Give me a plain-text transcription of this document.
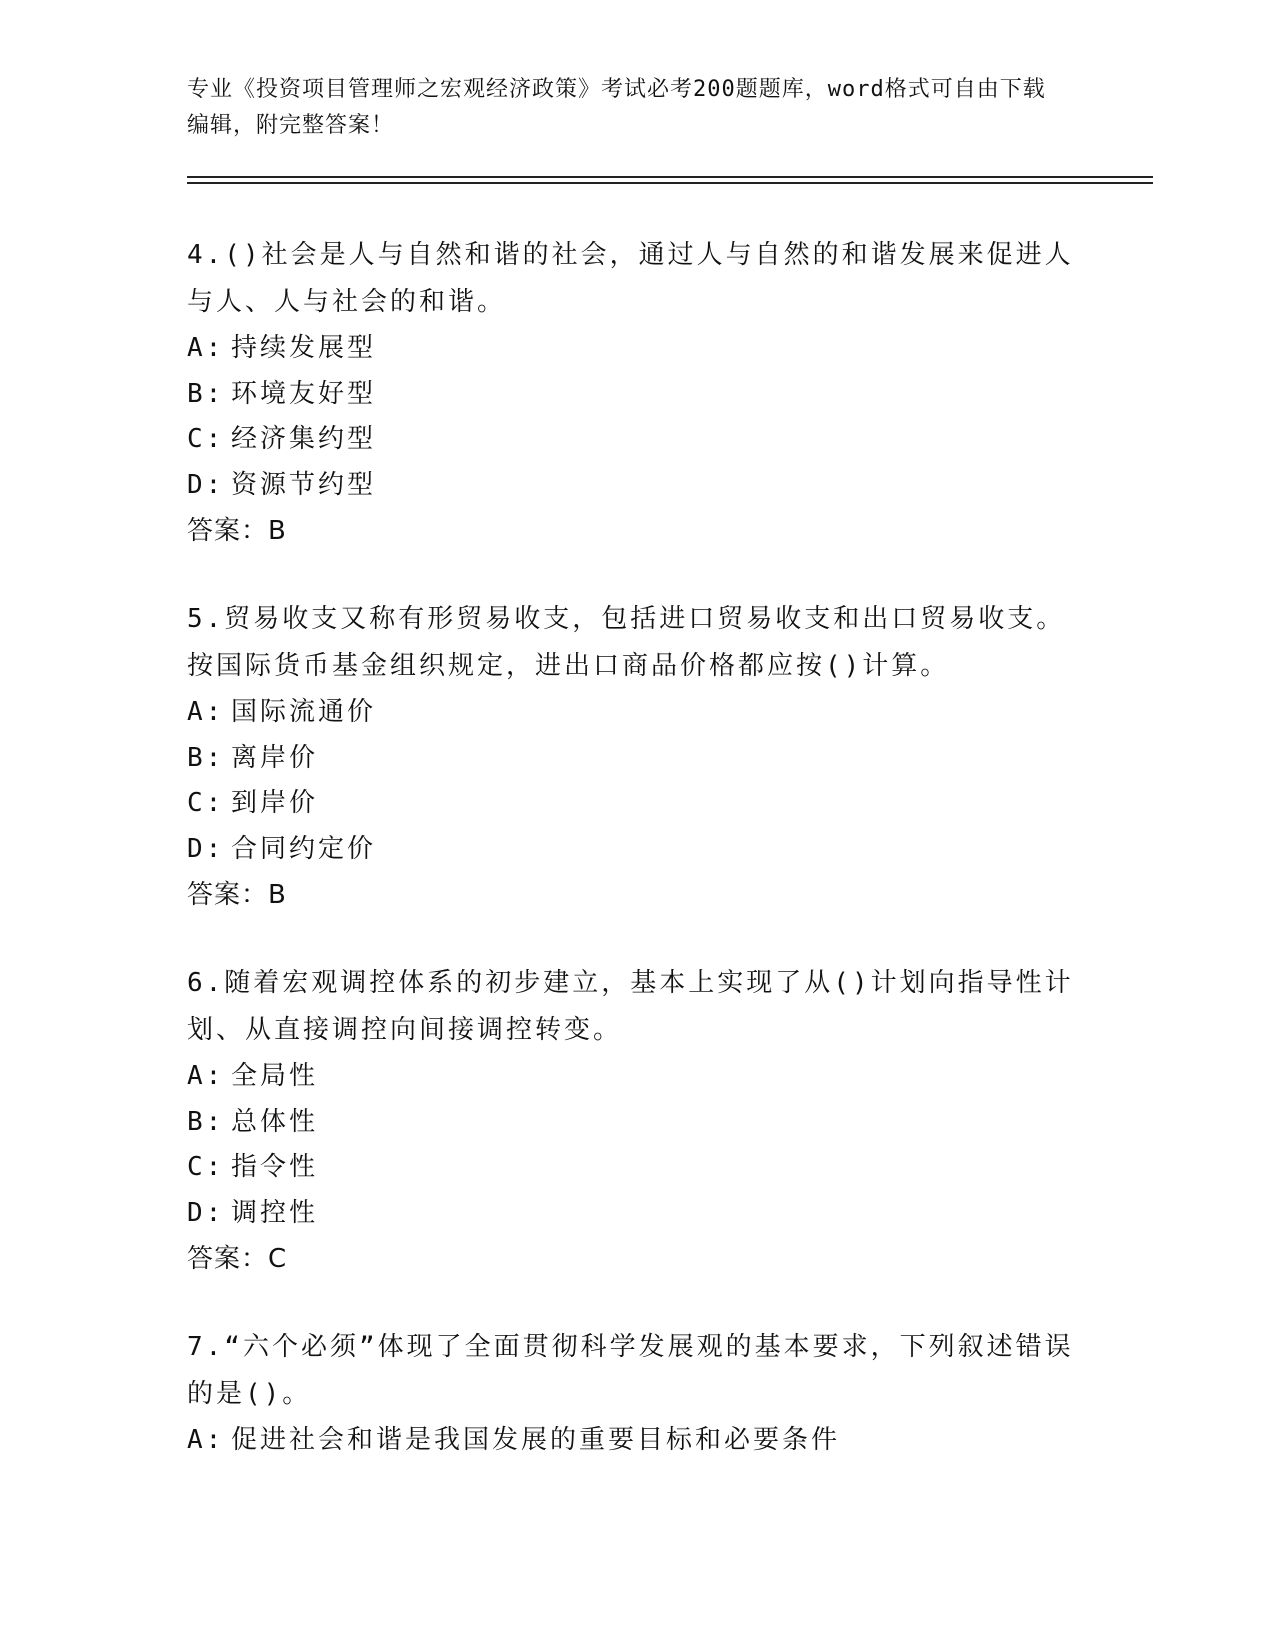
专业《投资项目管理师之宏观经济政策》考试必考200题题库，word格式可自由下载编辑，附完整答案！

4.()社会是人与自然和谐的社会，通过人与自然的和谐发展来促进人与人、人与社会的和谐。

A: 持续发展型

B: 环境友好型

C: 经济集约型

D: 资源节约型

答案：B

5.贸易收支又称有形贸易收支，包括进口贸易收支和出口贸易收支。按国际货币基金组织规定，进出口商品价格都应按()计算。

A: 国际流通价

B: 离岸价

C: 到岸价

D: 合同约定价

答案：B

6.随着宏观调控体系的初步建立，基本上实现了从()计划向指导性计划、从直接调控向间接调控转变。

A: 全局性

B: 总体性

C: 指令性

D: 调控性

答案：C

7.“六个必须”体现了全面贯彻科学发展观的基本要求，下列叙述错误的是()。

A: 促进社会和谐是我国发展的重要目标和必要条件
